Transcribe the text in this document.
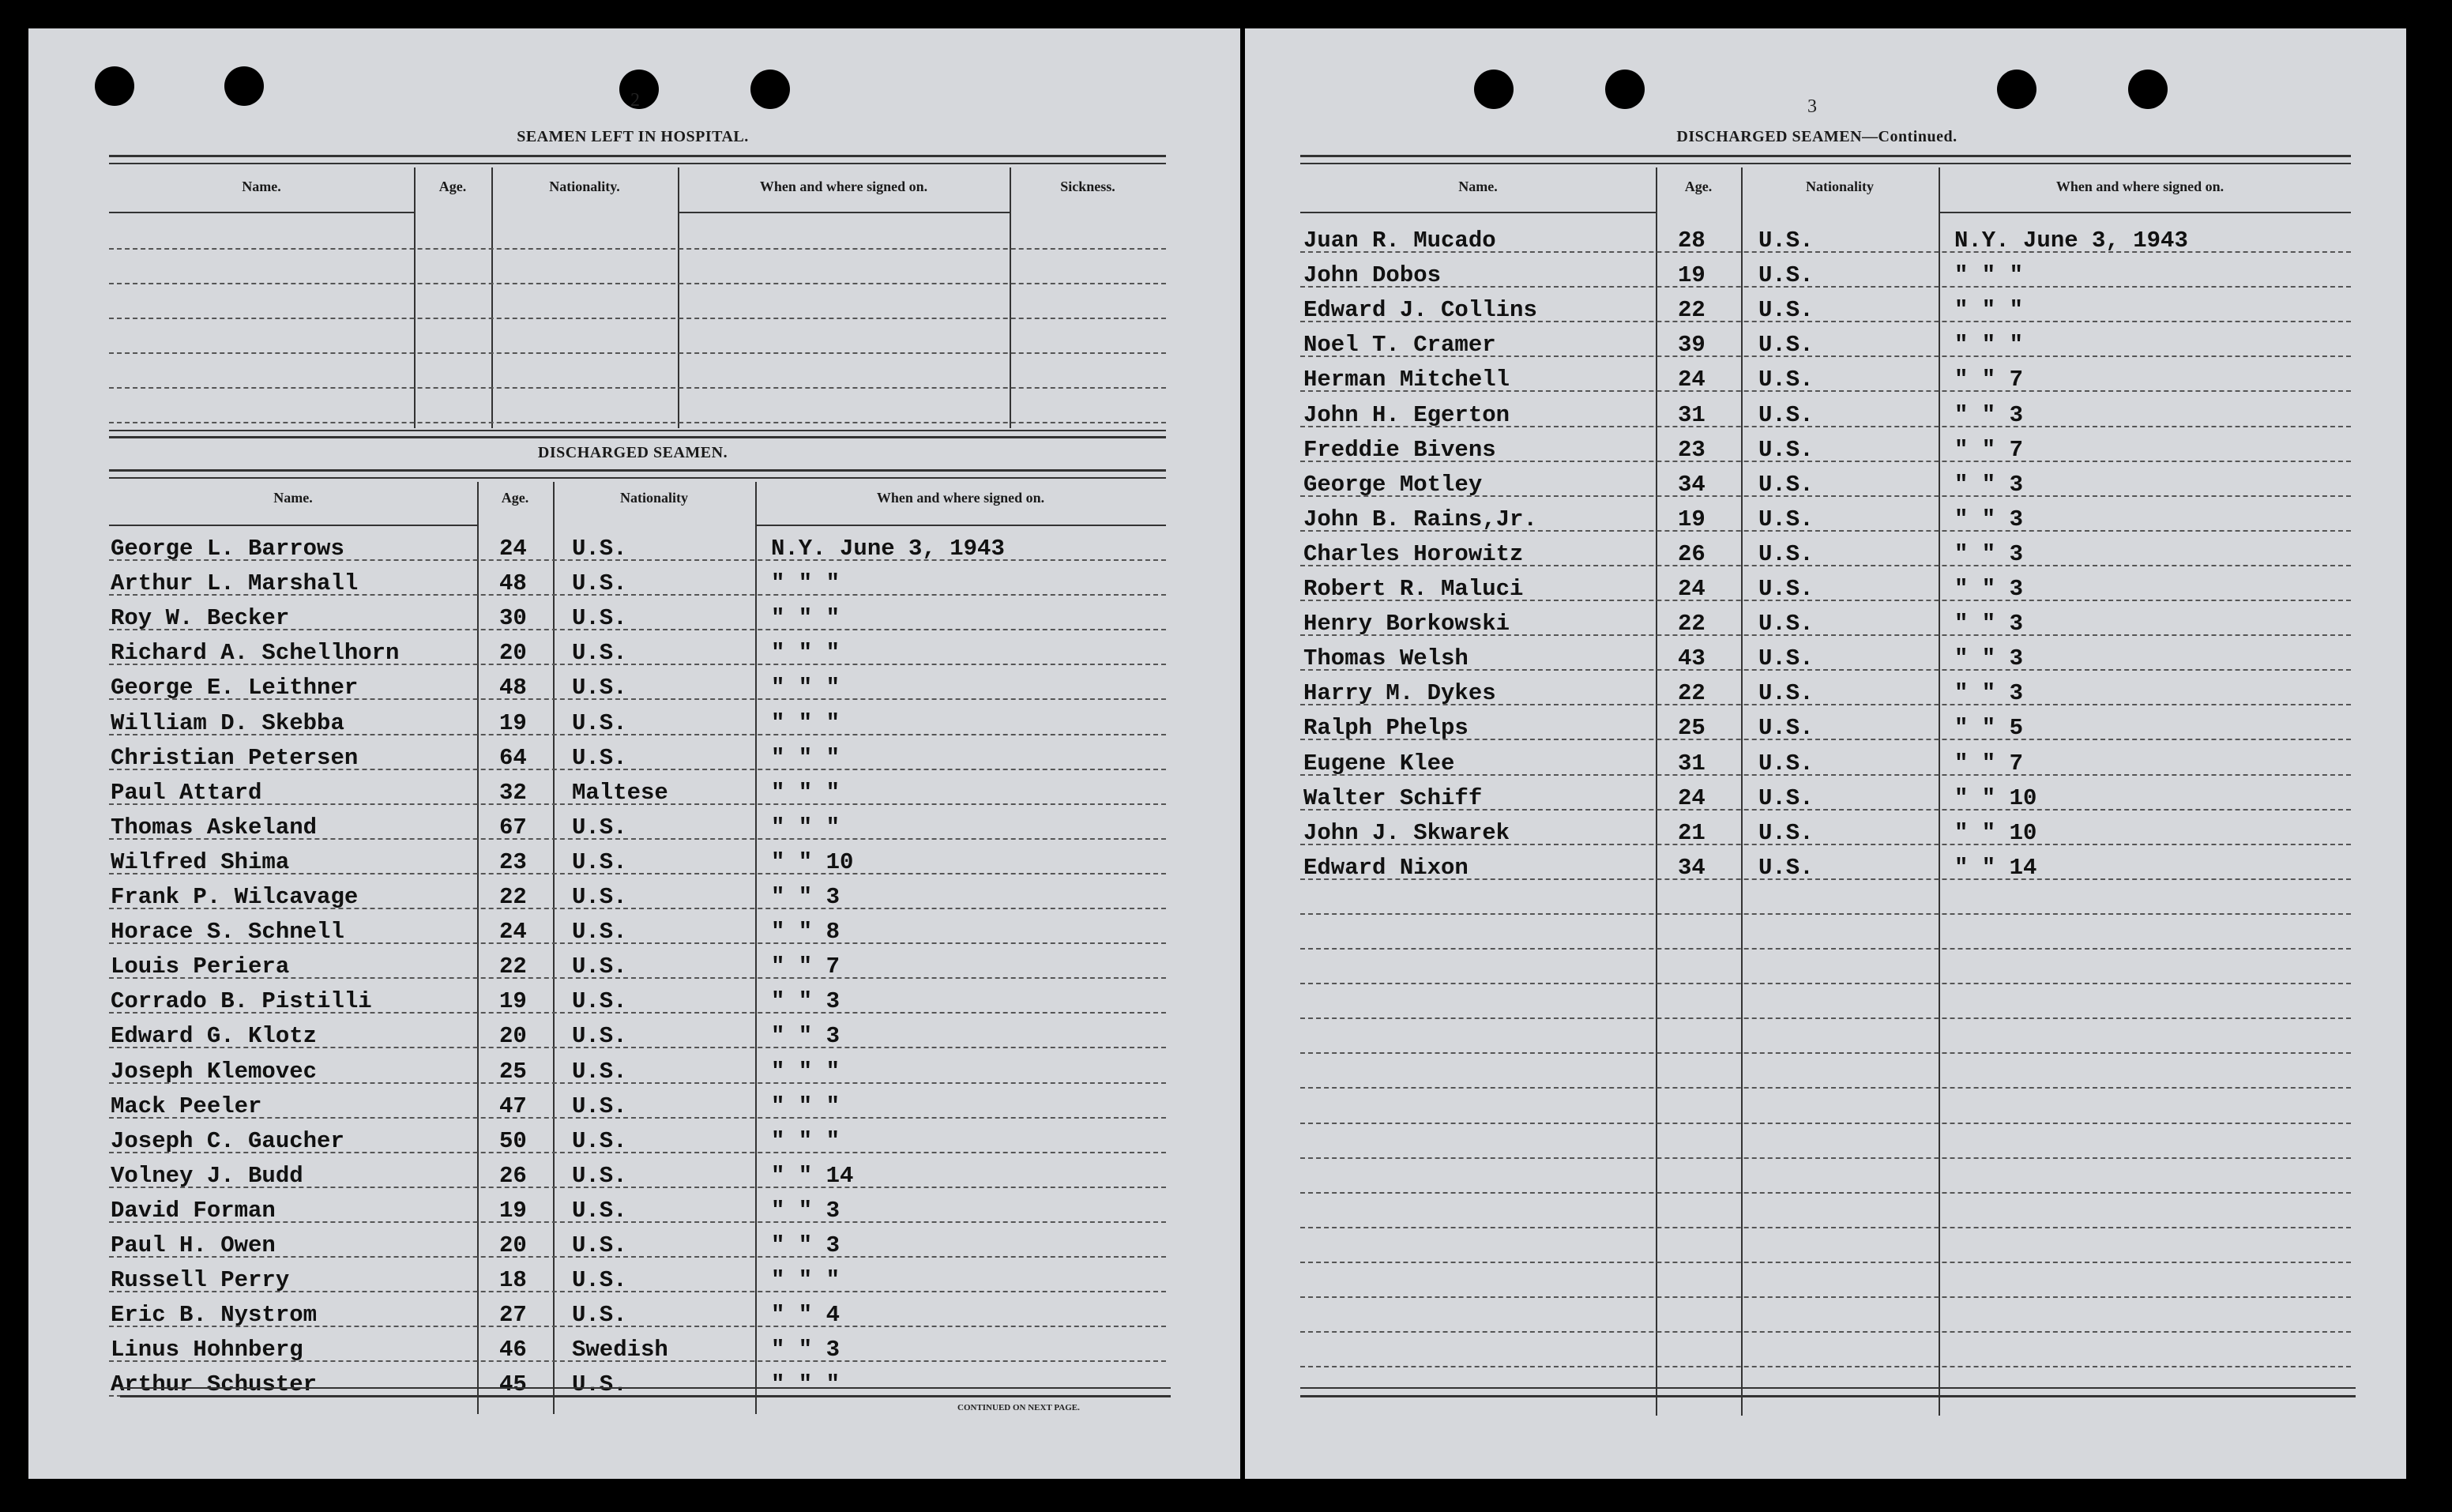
2
SEAMEN LEFT IN HOSPITAL.
Name.	Age.	Nationality.	When and where signed on.	Sickness.
DISCHARGED SEAMEN.
Name.	Age.	Nationality	When and where signed on.
George L. Barrows	24 U.S.	N.Y. June 3, 1943
Arthur L. Marshall	48 U.S.	" " "
Roy W. Becker	30 U.S.	" " "
Richard A. Schellhorn	20 U.S.	" " "
George E. Leithner	48 U.S.	" " "
William D. Skebba	19 U.S.	" " "
Christian Petersen	64 U.S.	" " "
Paul Attard	32 Maltese	" " "
Thomas Askeland	67 U.S.	" " "
Wilfred Shima	23 U.S.	" " 10
Frank P. Wilcavage	22 U.S.	" " 3
Horace S. Schnell	24 U.S.	" " 8
Louis Periera	22 U.S.	" " 7
Corrado B. Pistilli	19 U.S.	" " 3
Edward G. Klotz	20 U.S.	" " 3
Joseph Klemovec	25 U.S.	" " "
Mack Peeler	47 U.S.	" " "
Joseph C. Gaucher	50 U.S.	" " "
Volney J. Budd	26 U.S.	" " 14
David Forman	19 U.S.	" " 3
Paul H. Owen	20 U.S.	" " 3
Russell Perry	18 U.S.	" " "
Eric B. Nystrom	27 U.S.	" " 4
Linus Hohnberg	46 Swedish	" " 3
Arthur Schuster	45 U.S.	" " "
CONTINUED ON NEXT PAGE.
3
DISCHARGED SEAMEN—Continued.
Name.	Age.	Nationality	When and where signed on.
Juan R. Mucado	28 U.S.	N.Y. June 3, 1943
John Dobos	19 U.S.	" " "
Edward J. Collins	22 U.S.	" " "
Noel T. Cramer	39 U.S.	" " "
Herman Mitchell	24 U.S.	" " 7
John H. Egerton	31 U.S.	" " 3
Freddie Bivens	23 U.S.	" " 7
George Motley	34 U.S.	" " 3
John B. Rains,Jr.	19 U.S.	" " 3
Charles Horowitz	26 U.S.	" " 3
Robert R. Maluci	24 U.S.	" " 3
Henry Borkowski	22 U.S.	" " 3
Thomas Welsh	43 U.S.	" " 3
Harry M. Dykes	22 U.S.	" " 3
Ralph Phelps	25 U.S.	" " 5
Eugene Klee	31 U.S.	" " 7
Walter Schiff	24 U.S.	" " 10
John J. Skwarek	21 U.S.	" " 10
Edward Nixon	34 U.S.	" " 14
